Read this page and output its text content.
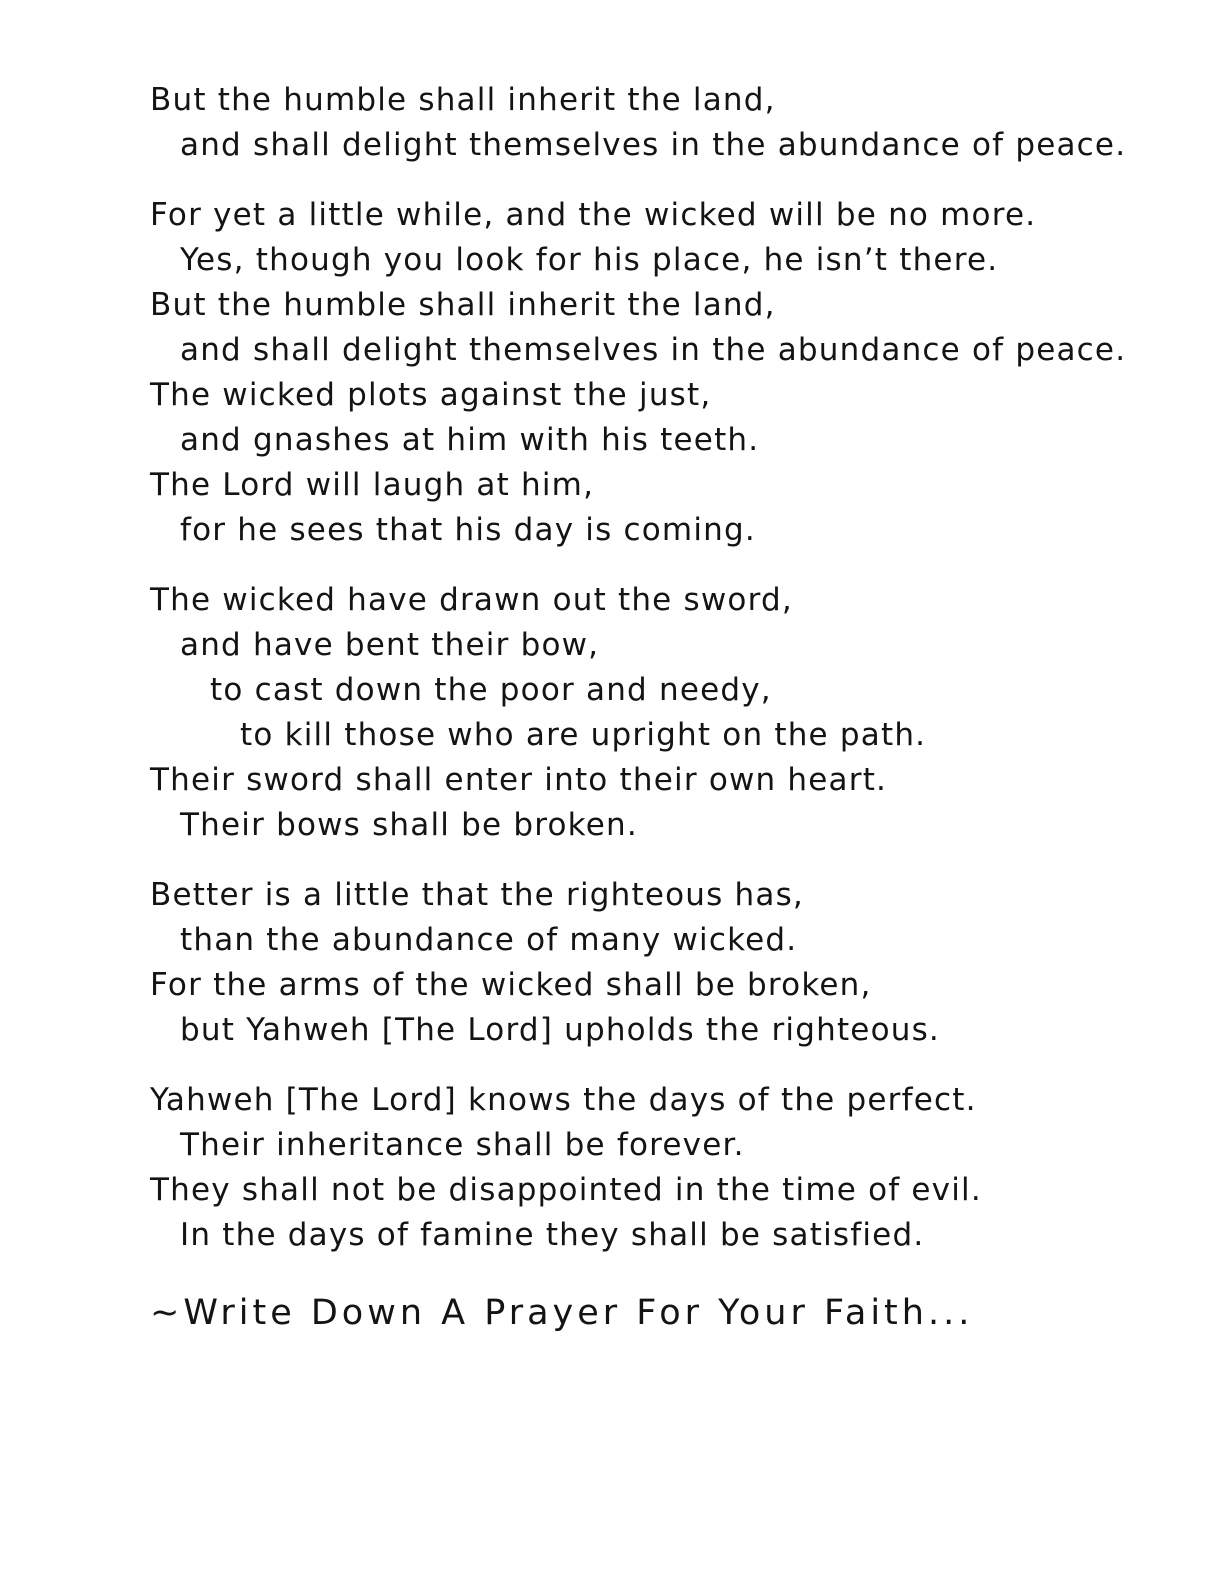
But the humble shall inherit the land,
and shall delight themselves in the abundance of peace.
For yet a little while, and the wicked will be no more.
Yes, though you look for his place, he isn’t there.
But the humble shall inherit the land,
and shall delight themselves in the abundance of peace.
The wicked plots against the just,
and gnashes at him with his teeth.
The Lord will laugh at him,
for he sees that his day is coming.
The wicked have drawn out the sword,
and have bent their bow,
to cast down the poor and needy,
to kill those who are upright on the path.
Their sword shall enter into their own heart.
Their bows shall be broken.
Better is a little that the righteous has,
than the abundance of many wicked.
For the arms of the wicked shall be broken,
but Yahweh [The Lord] upholds the righteous.
Yahweh [The Lord] knows the days of the perfect.
Their inheritance shall be forever.
They shall not be disappointed in the time of evil.
In the days of famine they shall be satisfied.
~Write Down A Prayer For Your Faith...
